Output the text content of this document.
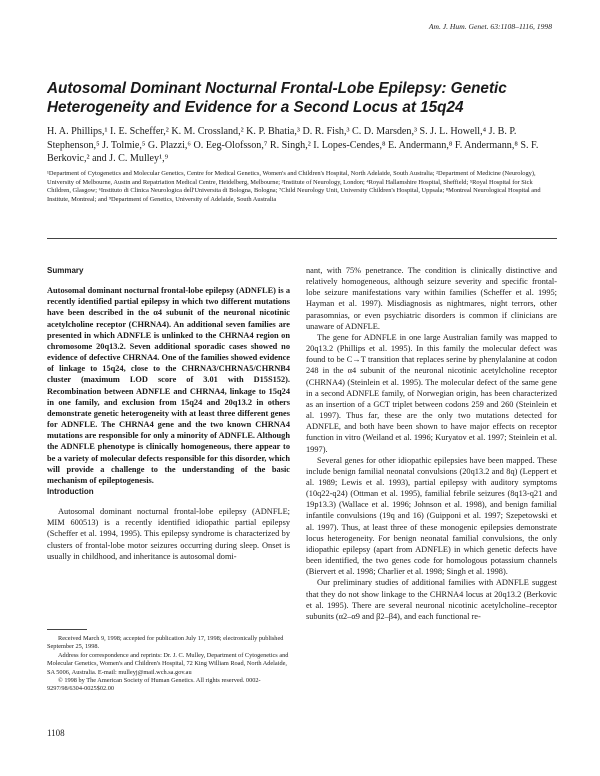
Am. J. Hum. Genet. 63:1108–1116, 1998
Autosomal Dominant Nocturnal Frontal-Lobe Epilepsy: Genetic Heterogeneity and Evidence for a Second Locus at 15q24
H. A. Phillips,¹ I. E. Scheffer,² K. M. Crossland,² K. P. Bhatia,³ D. R. Fish,³ C. D. Marsden,³ S. J. L. Howell,⁴ J. B. P. Stephenson,⁵ J. Tolmie,⁵ G. Plazzi,⁶ O. Eeg-Olofsson,⁷ R. Singh,² I. Lopes-Cendes,⁸ E. Andermann,⁸ F. Andermann,⁸ S. F. Berkovic,² and J. C. Mulley¹,⁹
¹Department of Cytogenetics and Molecular Genetics, Centre for Medical Genetics, Women's and Children's Hospital, North Adelaide, South Australia; ²Department of Medicine (Neurology), University of Melbourne, Austin and Repatriation Medical Centre, Heidelberg, Melbourne; ³Institute of Neurology, London; ⁴Royal Hallamshire Hospital, Sheffield; ⁵Royal Hospital for Sick Children, Glasgow; ⁶Instituto di Clinica Neurologica dell'Universita di Bologna, Bologna; ⁷Child Neurology Unit, University Children's Hospital, Uppsala; ⁸Montreal Neurological Hospital and Institute, Montreal; and ⁹Department of Genetics, University of Adelaide, South Australia
Summary

Autosomal dominant nocturnal frontal-lobe epilepsy (ADNFLE) is a recently identified partial epilepsy in which two different mutations have been described in the α4 subunit of the neuronal nicotinic acetylcholine receptor (CHRNA4). An additional seven families are presented in which ADNFLE is unlinked to the CHRNA4 region on chromosome 20q13.2. Seven additional sporadic cases showed no evidence of defective CHRNA4. One of the families showed evidence of linkage to 15q24, close to the CHRNA3/CHRNA5/CHRNB4 cluster (maximum LOD score of 3.01 with D15S152). Recombination between ADNFLE and CHRNA4, linkage to 15q24 in one family, and exclusion from 15q24 and 20q13.2 in others demonstrate genetic heterogeneity with at least three different genes for ADNFLE. The CHRNA4 gene and the two known CHRNA4 mutations are responsible for only a minority of ADNFLE. Although the ADNFLE phenotype is clinically homogeneous, there appear to be a variety of molecular defects responsible for this disorder, which will provide a challenge to the understanding of the basic mechanism of epileptogenesis.

Introduction

Autosomal dominant nocturnal frontal-lobe epilepsy (ADNFLE; MIM 600513) is a recently identified idiopathic partial epilepsy (Scheffer et al. 1994, 1995). This epilepsy syndrome is characterized by clusters of frontal-lobe motor seizures occurring during sleep. Onset is usually in childhood, and inheritance is autosomal domi-

Received March 9, 1998; accepted for publication July 17, 1998; electronically published September 25, 1998.

Address for correspondence and reprints: Dr. J. C. Mulley, Department of Cytogenetics and Molecular Genetics, Women's and Children's Hospital, 72 King William Road, North Adelaide, SA 5006, Australia. E-mail: mulleyj@mail.wch.sa.gov.au

© 1998 by The American Society of Human Genetics. All rights reserved. 0002-9297/98/6304-0025$02.00

nant, with 75% penetrance. The condition is clinically distinctive and relatively homogeneous, although seizure severity and specific frontal-lobe seizure manifestations vary within families (Scheffer et al. 1995; Hayman et al. 1997). Misdiagnosis as nightmares, night terrors, other parasomnias, or even psychiatric disorders is common if clinicians are unaware of ADNFLE.

The gene for ADNFLE in one large Australian family was mapped to 20q13.2 (Phillips et al. 1995). In this family the molecular defect was found to be C→T transition that replaces serine by phenylalanine at codon 248 in the α4 subunit of the neuronal nicotinic acetylcholine receptor (CHRNA4) (Steinlein et al. 1995). The molecular defect of the same gene in a second ADNFLE family, of Norwegian origin, has been characterized as an insertion of a GCT triplet between codons 259 and 260 (Steinlein et al. 1997). Thus far, these are the only two mutations detected for ADNFLE, and both have been shown to have major effects on receptor function in vitro (Weiland et al. 1996; Kuryatov et al. 1997; Steinlein et al. 1997).

Several genes for other idiopathic epilepsies have been mapped. These include benign familial neonatal convulsions (20q13.2 and 8q) (Leppert et al. 1989; Lewis et al. 1993), partial epilepsy with auditory symptoms (10q22-q24) (Ottman et al. 1995), familial febrile seizures (8q13-q21 and 19p13.3) (Wallace et al. 1996; Johnson et al. 1998), and benign familial infantile convulsions (19q and 16) (Guipponi et al. 1997; Szepetowski et al. 1997). Thus, at least three of these monogenic epilepsies demonstrate locus heterogeneity. For benign neonatal familial convulsions, the only idiopathic epilepsy (apart from ADNFLE) in which genetic defects have been identified, the two genes code for homologous potassium channels (Biervert et al. 1998; Charlier et al. 1998; Singh et al. 1998).

Our preliminary studies of additional families with ADNFLE suggest that they do not show linkage to the CHRNA4 locus at 20q13.2 (Berkovic et al. 1995). There are several neuronal nicotinic acetylcholine–receptor subunits (α2–α9 and β2–β4), and each functional re-

1108
